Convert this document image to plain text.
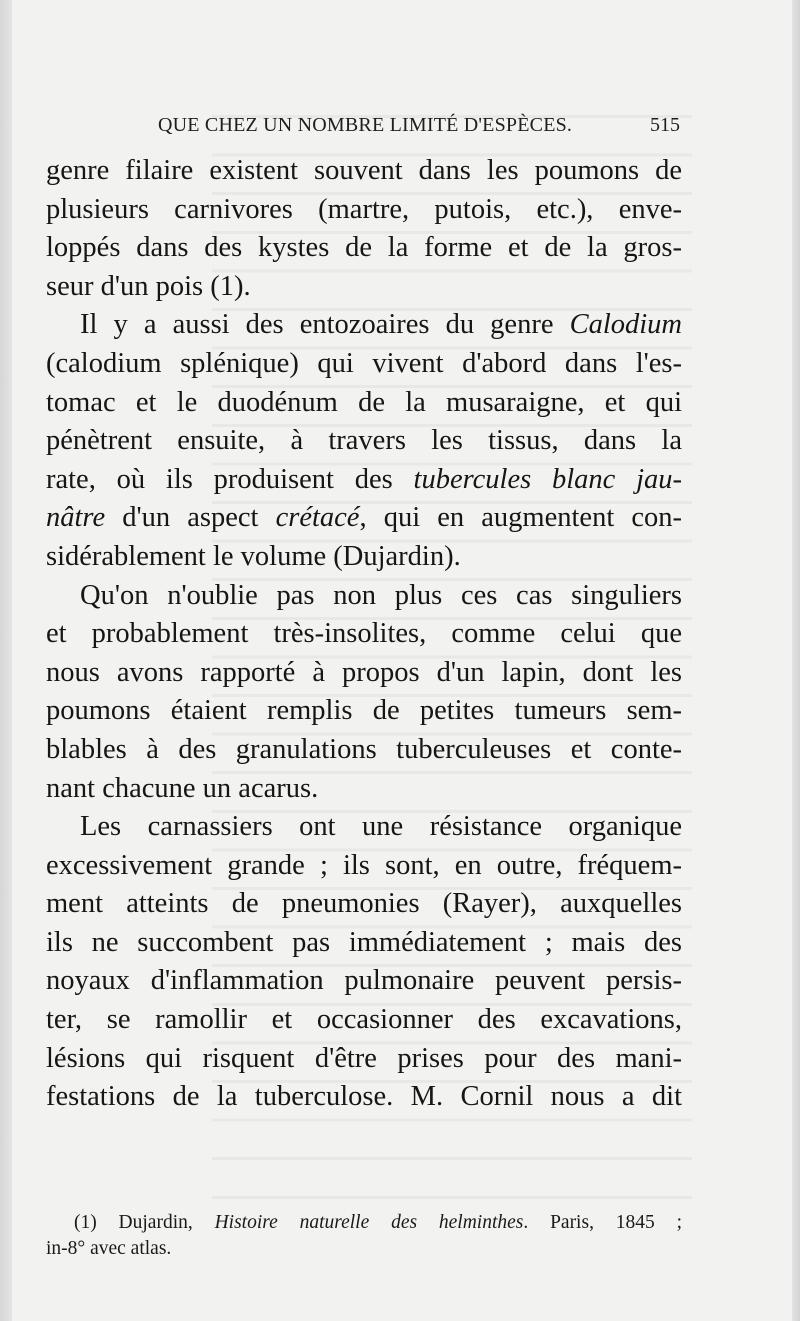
QUE CHEZ UN NOMBRE LIMITÉ D'ESPÈCES.	515
genre filaire existent souvent dans les poumons de
plusieurs carnivores (martre, putois, etc.), enve-
loppés dans des kystes de la forme et de la gros-
seur d'un pois (1).
Il y a aussi des entozoaires du genre Calodium
(calodium splénique) qui vivent d'abord dans l'es-
tomac et le duodénum de la musaraigne, et qui
pénètrent ensuite, à travers les tissus, dans la
rate, où ils produisent des tubercules blanc jau-
nâtre d'un aspect crétacé, qui en augmentent con-
sidérablement le volume (Dujardin).
Qu'on n'oublie pas non plus ces cas singuliers
et probablement très-insolites, comme celui que
nous avons rapporté à propos d'un lapin, dont les
poumons étaient remplis de petites tumeurs sem-
blables à des granulations tuberculeuses et conte-
nant chacune un acarus.
Les carnassiers ont une résistance organique
excessivement grande ; ils sont, en outre, fréquem-
ment atteints de pneumonies (Rayer), auxquelles
ils ne succombent pas immédiatement ; mais des
noyaux d'inflammation pulmonaire peuvent persis-
ter, se ramollir et occasionner des excavations,
lésions qui risquent d'être prises pour des mani-
festations de la tuberculose. M. Cornil nous a dit
(1) Dujardin, Histoire naturelle des helminthes. Paris, 1845 ;
in-8° avec atlas.
